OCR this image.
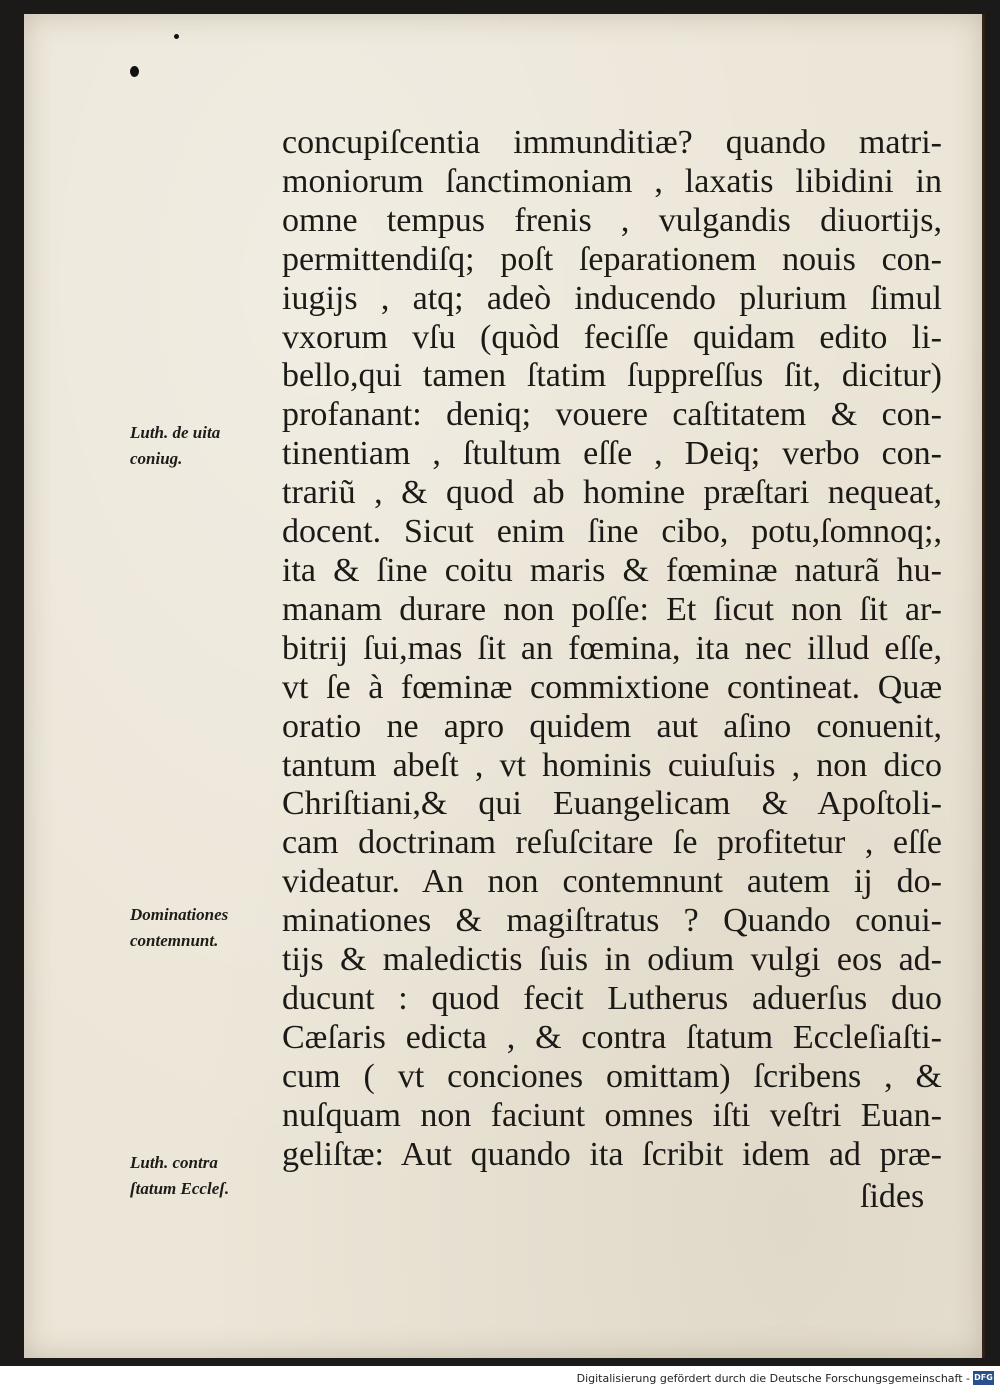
concupiſcentia immunditiæ? quando matri-
moniorum ſanctimoniam , laxatis libidini in
omne tempus frenis , vulgandis diuortijs,
permittendiſq; poſt ſeparationem nouis con-
iugijs , atq; adeò inducendo plurium ſimul
vxorum vſu (quòd feciſſe quidam edito li-
bello,qui tamen ſtatim ſuppreſſus ſit, dicitur)
profanant: deniq; vouere caſtitatem & con-
tinentiam , ſtultum eſſe , Deiq; verbo con-
trariũ , & quod ab homine præſtari nequeat,
docent. Sicut enim ſine cibo, potu,ſomnoq;,
ita & ſine coitu maris & fœminæ naturã hu-
manam durare non poſſe: Et ſicut non ſit ar-
bitrij ſui,mas ſit an fœmina, ita nec illud eſſe,
vt ſe à fœminæ commixtione contineat. Quæ
oratio ne apro quidem aut aſino conuenit,
tantum abeſt , vt hominis cuiuſuis , non dico
Chriſtiani,& qui Euangelicam & Apoſtoli-
cam doctrinam reſuſcitare ſe profitetur , eſſe
videatur. An non contemnunt autem ij do-
minationes & magiſtratus ? Quando conui-
tijs & maledictis ſuis in odium vulgi eos ad-
ducunt : quod fecit Lutherus aduerſus duo
Cæſaris edicta , & contra ſtatum Eccleſiaſti-
cum ( vt conciones omittam) ſcribens , &
nuſquam non faciunt omnes iſti veſtri Euan-
geliſtæ: Aut quando ita ſcribit idem ad præ-
ſides
Luth. de uita
coniug.
Dominationes
contemnunt.
Luth. contra
ſtatum Eccleſ.
Digitalisierung gefördert durch die Deutsche Forschungsgemeinschaft - DFG
